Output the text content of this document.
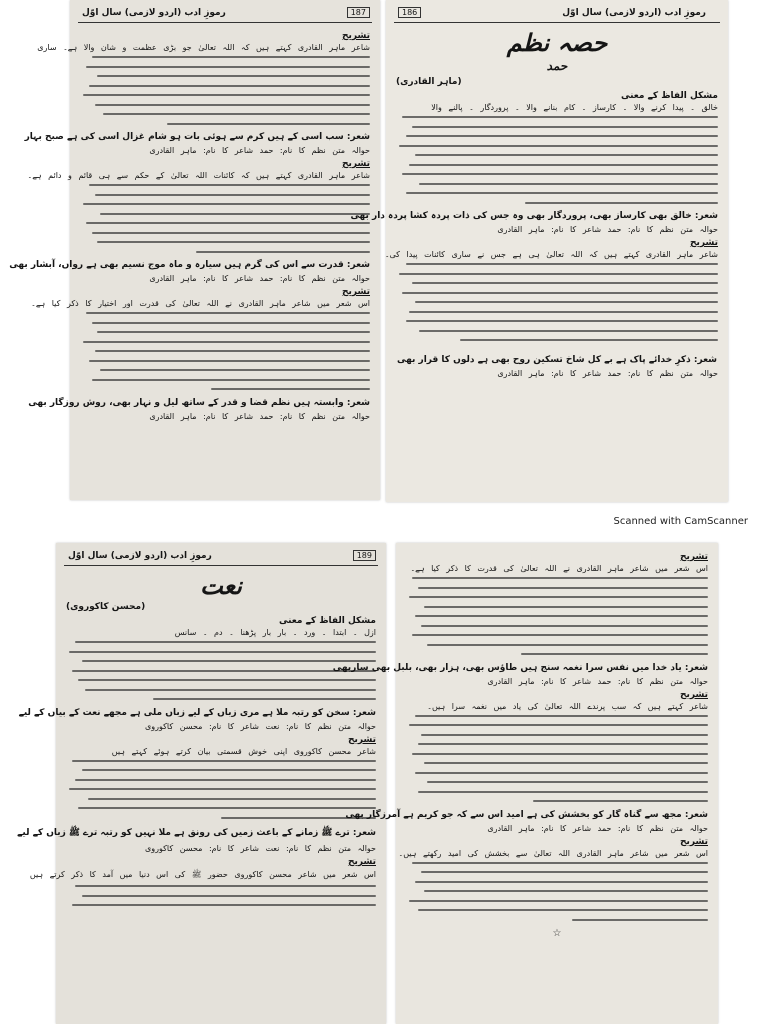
رموزِ ادب (اردو لازمی) سال اوّل	187
تشریح
شاعر ماہر القادری کہتے ہیں کہ اللہ تعالیٰ جو بڑی عظمت و شان والا ہے۔ ساری
شعر: سب اسی کے ہیں کرم سے ہوئی بات ہو شام غزال اسی کی ہے صبح بہار
حوالہ متن نظم کا نام: حمد شاعر کا نام: ماہر القادری
تشریح
شاعر ماہر القادری کہتے ہیں کہ کائنات اللہ تعالیٰ کے حکم سے ہی قائم و دائم ہے۔
شعر: قدرت سے اس کی گرم ہیں سیارہ و ماہ موج نسیم بھی ہے رواں، آبشار بھی
حوالہ متن نظم کا نام: حمد شاعر کا نام: ماہر القادری
تشریح
اس شعر میں شاعر ماہر القادری نے اللہ تعالیٰ کی قدرت اور اختیار کا ذکر کیا ہے۔
شعر: وابستہ ہیں نظم قضا و قدر کے ساتھ لیل و نہار بھی، روش روزگار بھی
حوالہ متن نظم کا نام: حمد شاعر کا نام: ماہر القادری
رموزِ ادب (اردو لازمی) سال اوّل
186
حصہ نظم
حمد
(ماہر القادری)
مشکل الفاظ کے معنی
خالق ۔ پیدا کرنے والا ۔ کارساز ۔ کام بنانے والا ۔ پروردگار ۔ پالنے والا
شعر: خالق بھی کارساز بھی، پروردگار بھی وہ جس کی ذات پردہ کشا پردہ دار بھی
حوالہ متن نظم کا نام: حمد شاعر کا نام: ماہر القادری
تشریح
شاعر ماہر القادری کہتے ہیں کہ اللہ تعالیٰ ہی ہے جس نے ساری کائنات پیدا کی۔
شعر: ذکرِ خدائے پاک ہے بے کل شاخ تسکین روح بھی ہے دلوں کا قرار بھی
حوالہ متن نظم کا نام: حمد شاعر کا نام: ماہر القادری
Scanned with CamScanner
رموزِ ادب (اردو لازمی) سال اوّل	189
نعت
(محسن کاکوروی)
مشکل الفاظ کے معنی
ازل ۔ ابتدا ۔ ورد ۔ بار بار پڑھنا ۔ دم ۔ سانس
شعر: سخن کو رتبہ ملا ہے مری زباں کے لیے زباں ملی ہے مجھے نعت کے بیاں کے لیے
حوالہ متن نظم کا نام: نعت شاعر کا نام: محسن کاکوروی
تشریح
شاعر محسن کاکوروی اپنی خوش قسمتی بیان کرتے ہوئے کہتے ہیں
شعر: ترے ﷺ زمانے کے باعث زمیں کی رونق ہے ملا نہیں کو رتبہ ترے ﷺ زباں کے لیے
حوالہ متن نظم کا نام: نعت شاعر کا نام: محسن کاکوروی
تشریح
اس شعر میں شاعر محسن کاکوروی حضور ﷺ کی اس دنیا میں آمد کا ذکر کرتے ہیں
تشریح
اس شعر میں شاعر ماہر القادری نے اللہ تعالیٰ کی قدرت کا ذکر کیا ہے۔
شعر: یاد خدا میں نفس سرا نغمہ سنج ہیں طاؤس بھی، ہزار بھی، بلبل بھی ساربھی
حوالہ متن نظم کا نام: حمد شاعر کا نام: ماہر القادری
تشریح
شاعر کہتے ہیں کہ سب پرندے اللہ تعالیٰ کی یاد میں نغمہ سرا ہیں۔
شعر: مجھ سے گناہ گار کو بخشش کی ہے امید اس سے کہ جو کریم ہے آمرزگار بھی
حوالہ متن نظم کا نام: حمد شاعر کا نام: ماہر القادری
تشریح
اس شعر میں شاعر ماہر القادری اللہ تعالیٰ سے بخشش کی امید رکھتے ہیں۔
☆
